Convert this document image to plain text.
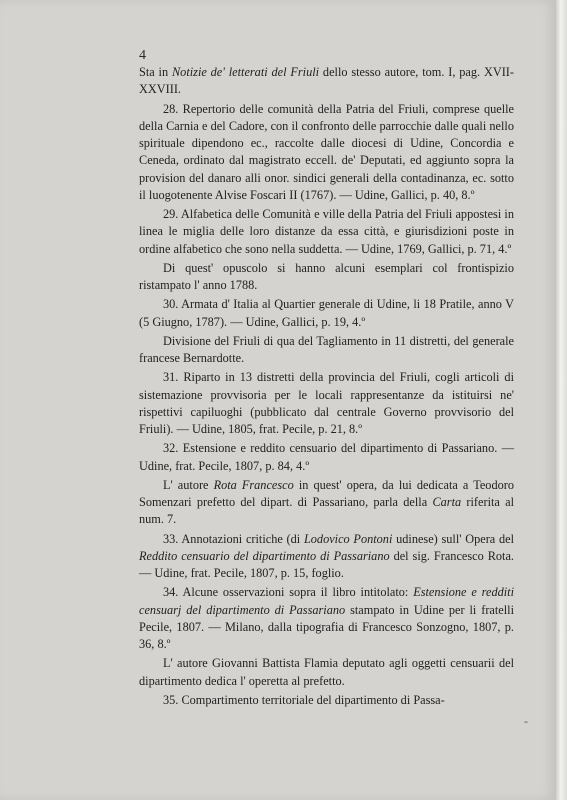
4

Sta in Notizie de' letterati del Friuli dello stesso autore, tom. I, pag. XVII-XXVIII.

28. Repertorio delle comunità della Patria del Friuli, comprese quelle della Carnia e del Cadore, con il confronto delle parrocchie dalle quali nello spirituale dipendono ec., raccolte dalle diocesi di Udine, Concordia e Ceneda, ordinato dal magistrato eccell. de' Deputati, ed aggiunto sopra la provision del danaro alli onor. sindici generali della contadinanza, ec. sotto il luogotenente Alvise Foscari II (1767). — Udine, Gallici, p. 40, 8.º

29. Alfabetica delle Comunità e ville della Patria del Friuli appostesi in linea le miglia delle loro distanze da essa città, e giurisdizioni poste in ordine alfabetico che sono nella suddetta. — Udine, 1769, Gallici, p. 71, 4.º

Di quest' opuscolo si hanno alcuni esemplari col frontispizio ristampato l' anno 1788.

30. Armata d' Italia al Quartier generale di Udine, li 18 Pratile, anno V (5 Giugno, 1787). — Udine, Gallici, p. 19, 4.º

Divisione del Friuli di qua del Tagliamento in 11 distretti, del generale francese Bernardotte.

31. Riparto in 13 distretti della provincia del Friuli, cogli articoli di sistemazione provvisoria per le locali rappresentanze da istituirsi ne' rispettivi capiluoghi (pubblicato dal centrale Governo provvisorio del Friuli). — Udine, 1805, frat. Pecile, p. 21, 8.º

32. Estensione e reddito censuario del dipartimento di Passariano. — Udine, frat. Pecile, 1807, p. 84, 4.º

L' autore Rota Francesco in quest' opera, da lui dedicata a Teodoro Somenzari prefetto del dipart. di Passariano, parla della Carta riferita al num. 7.

33. Annotazioni critiche (di Lodovico Pontoni udinese) sull' Opera del Reddito censuario del dipartimento di Passariano del sig. Francesco Rota. — Udine, frat. Pecile, 1807, p. 15, foglio.

34. Alcune osservazioni sopra il libro intitolato: Estensione e redditi censuarj del dipartimento di Passariano stampato in Udine per li fratelli Pecile, 1807. — Milano, dalla tipografia di Francesco Sonzogno, 1807, p. 36, 8.º

L' autore Giovanni Battista Flamia deputato agli oggetti censuarii del dipartimento dedica l' operetta al prefetto.

35. Compartimento territoriale del dipartimento di Passa-

-
